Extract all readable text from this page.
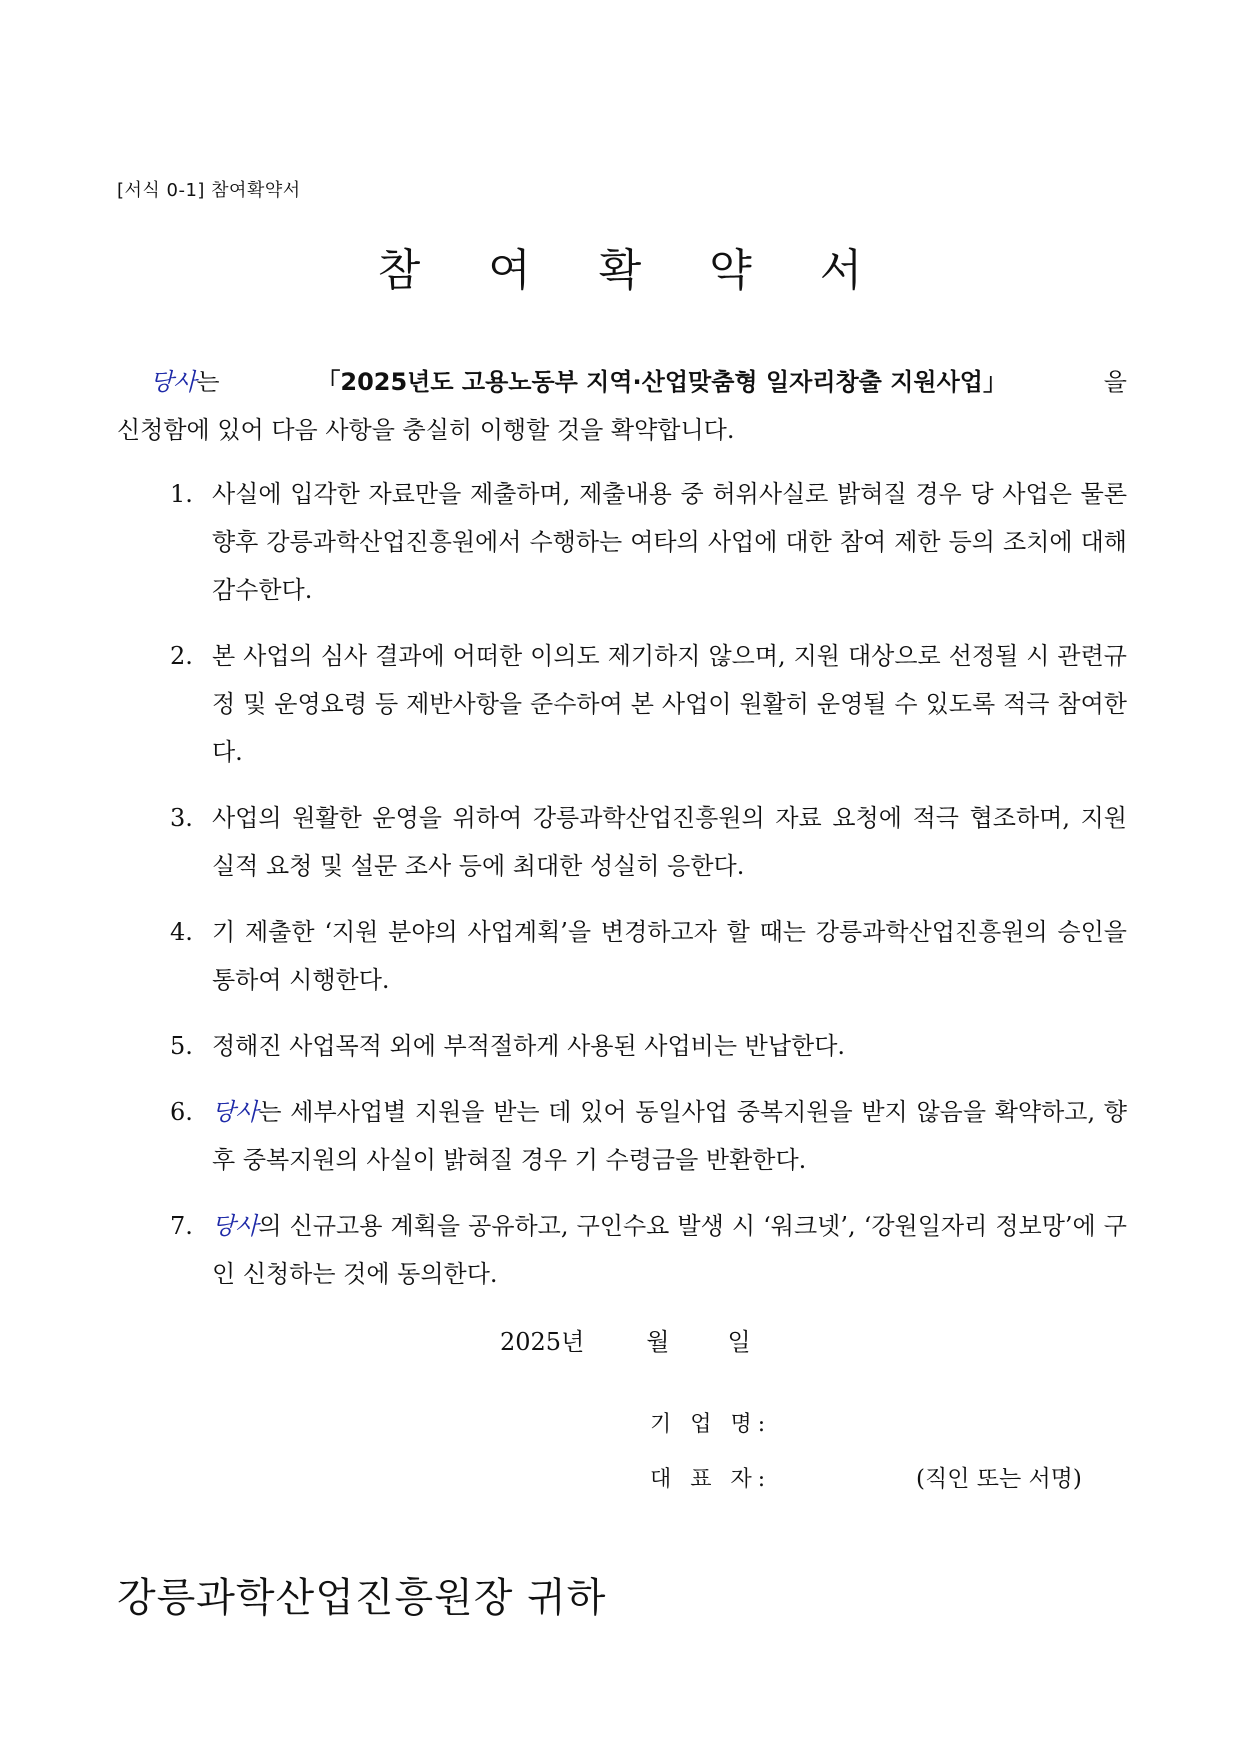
[서식 0-1] 참여확약서
참 여 확 약 서
당사는	「2025년도 고용노동부 지역·산업맞춤형 일자리창출 지원사업」	을
신청함에 있어 다음 사항을 충실히 이행할 것을 확약합니다.
1. 사실에 입각한 자료만을 제출하며, 제출내용 중 허위사실로 밝혀질 경우 당 사업은 물론 향후 강릉과학산업진흥원에서 수행하는 여타의 사업에 대한 참여 제한 등의 조치에 대해 감수한다.
2. 본 사업의 심사 결과에 어떠한 이의도 제기하지 않으며, 지원 대상으로 선정될 시 관련규정 및 운영요령 등 제반사항을 준수하여 본 사업이 원활히 운영될 수 있도록 적극 참여한다.
3. 사업의 원활한 운영을 위하여 강릉과학산업진흥원의 자료 요청에 적극 협조하며, 지원 실적 요청 및 설문 조사 등에 최대한 성실히 응한다.
4. 기 제출한 ‘지원 분야의 사업계획’을 변경하고자 할 때는 강릉과학산업진흥원의 승인을 통하여 시행한다.
5. 정해진 사업목적 외에 부적절하게 사용된 사업비는 반납한다.
6. 당사는 세부사업별 지원을 받는 데 있어 동일사업 중복지원을 받지 않음을 확약하고, 향후 중복지원의 사실이 밝혀질 경우 기 수령금을 반환한다.
7. 당사의 신규고용 계획을 공유하고, 구인수요 발생 시 ‘워크넷’, ‘강원일자리 정보망’에 구인 신청하는 것에 동의한다.
2025년	월 일
기 업 명:
대 표 자:	(직인 또는 서명)
강릉과학산업진흥원장 귀하
